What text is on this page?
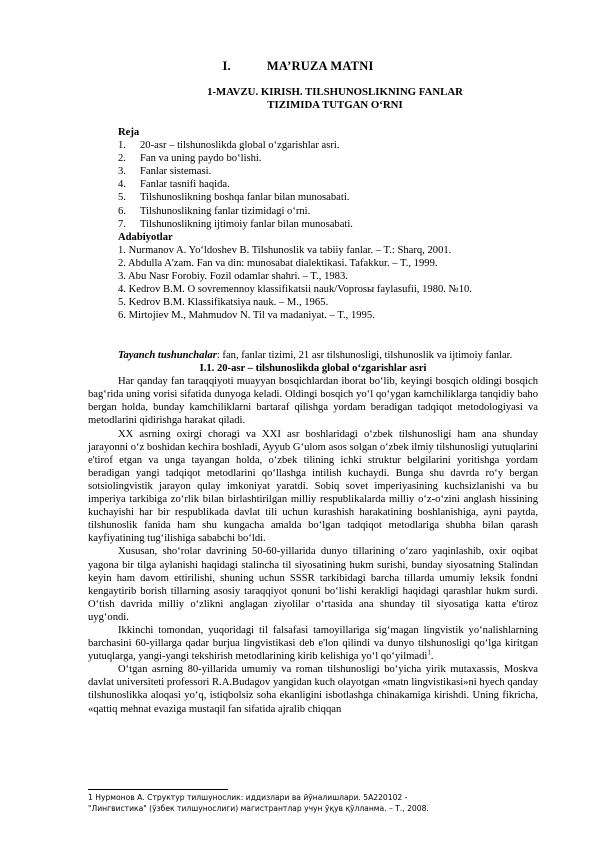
I.	MA’RUZA MATNI
1-MAVZU. KIRISH. TILSHUNOSLIKNING FANLAR
TIZIMIDA TUTGAN O‘RNI
Reja
1.	20-asr – tilshunoslikda global o‘zgarishlar asri.
2.	Fan va uning paydo bo‘lishi.
3.	Fanlar sistemasi.
4.	Fanlar tasnifi haqida.
5.	Tilshunoslikning boshqa fanlar bilan munosabati.
6.	Tilshunoslikning fanlar tizimidagi o‘rni.
7.	Tilshunoslikning ijtimoiy fanlar bilan munosabati.
Adabiyotlar
1. Nurmanov A. Yo‘ldoshev B. Tilshunoslik va tabiiy fanlar. – T.: Sharq, 2001.
2. Abdulla A'zam. Fan va din: munosabat dialektikasi. Tafakkur. – T., 1999.
3. Abu Nasr Forobiy. Fozil odamlar shahri. – T., 1983.
4. Kedrov B.M. O sovremennoy klassifikatsii nauk/Voprosы faylasufii, 1980. №10.
5. Kedrov B.M. Klassifikatsiya nauk. – M., 1965.
6. Mirtojiev M., Mahmudov N. Til va madaniyat. – T., 1995.

Tayanch tushunchalar: fan, fanlar tizimi, 21 asr tilshunosligi, tilshunoslik va ijtimoiy fanlar.

I.1. 20-asr – tilshunoslikda global o‘zgarishlar asri

Har qanday fan taraqqiyoti muayyan bosqichlardan iborat bo‘lib, keyingi bosqich oldingi bosqich bag‘rida uning vorisi sifatida dunyoga keladi. Oldingi bosqich yo‘l qo‘ygan kamchiliklarga tanqidiy baho bergan holda, bunday kamchiliklarni bartaraf qilishga yordam beradigan tadqiqot metodologiyasi va metodlarini qidirishga harakat qiladi.

XX asrning oxirgi choragi va XXI asr boshlaridagi o‘zbek tilshunosligi ham ana shunday jarayonni o‘z boshidan kechira boshladi, Ayyub G‘ulom asos solgan o‘zbek ilmiy tilshunosligi yutuqlarini e'tirof etgan va unga tayangan holda, o‘zbek tilining ichki struktur belgilarini yoritishga yordam beradigan yangi tadqiqot metodlarini qo‘llashga intilish kuchaydi. Bunga shu davrda ro‘y bergan sotsiolingvistik jarayon qulay imkoniyat yaratdi. Sobiq sovet imperiyasining kuchsizlanishi va bu imperiya tarkibiga zo‘rlik bilan birlashtirilgan milliy respublikalarda milliy o‘z-o‘zini anglash hissining kuchayishi har bir respublikada davlat tili uchun kurashish harakatining boshlanishiga, ayni paytda, tilshunoslik fanida ham shu kungacha amalda bo‘lgan tadqiqot metodlariga shubha bilan qarash kayfiyatining tug‘ilishiga sababchi bo‘ldi.

Xususan, sho‘rolar davrining 50-60-yillarida dunyo tillarining o‘zaro yaqinlashib, oxir oqibat yagona bir tilga aylanishi haqidagi stalincha til siyosatining hukm surishi, bunday siyosatning Stalindan keyin ham davom ettirilishi, shuning uchun SSSR tarkibidagi barcha tillarda umumiy leksik fondni kengaytirib borish tillarning asosiy taraqqiyot qonuni bo‘lishi kerakligi haqidagi qarashlar hukm surdi. O‘tish davrida milliy o‘zlikni anglagan ziyolilar o‘rtasida ana shunday til siyosatiga katta e'tiroz uyg‘ondi.

Ikkinchi tomondan, yuqoridagi til falsafasi tamoyillariga sig‘magan lingvistik yo‘nalishlarning barchasini 60-yillarga qadar burjua lingvistikasi deb e'lon qilindi va dunyo tilshunosligi qo‘lga kiritgan yutuqlarga, yangi-yangi tekshirish metodlarining kirib kelishiga yo‘l qo‘yilmadi$^1$.

O‘tgan asrning 80-yillarida umumiy va roman tilshunosligi bo‘yicha yirik mutaxassis, Moskva davlat universiteti professori R.A.Budagov yangidan kuch olayotgan «matn lingvistikasi»ni hyech qanday tilshunoslikka aloqasi yo‘q, istiqbolsiz soha ekanligini isbotlashga chinakamiga kirishdi. Uning fikricha, «qattiq mehnat evaziga mustaqil fan sifatida ajralib chiqqan

1 Нурмонов А. Структур тилшунослик: иддизлари ва йўналишлари. 5А220102 -
"Лингвистика" (ўзбек тилшунослиги) магистрантлар учун ўқув қўлланма. – Т., 2008.
